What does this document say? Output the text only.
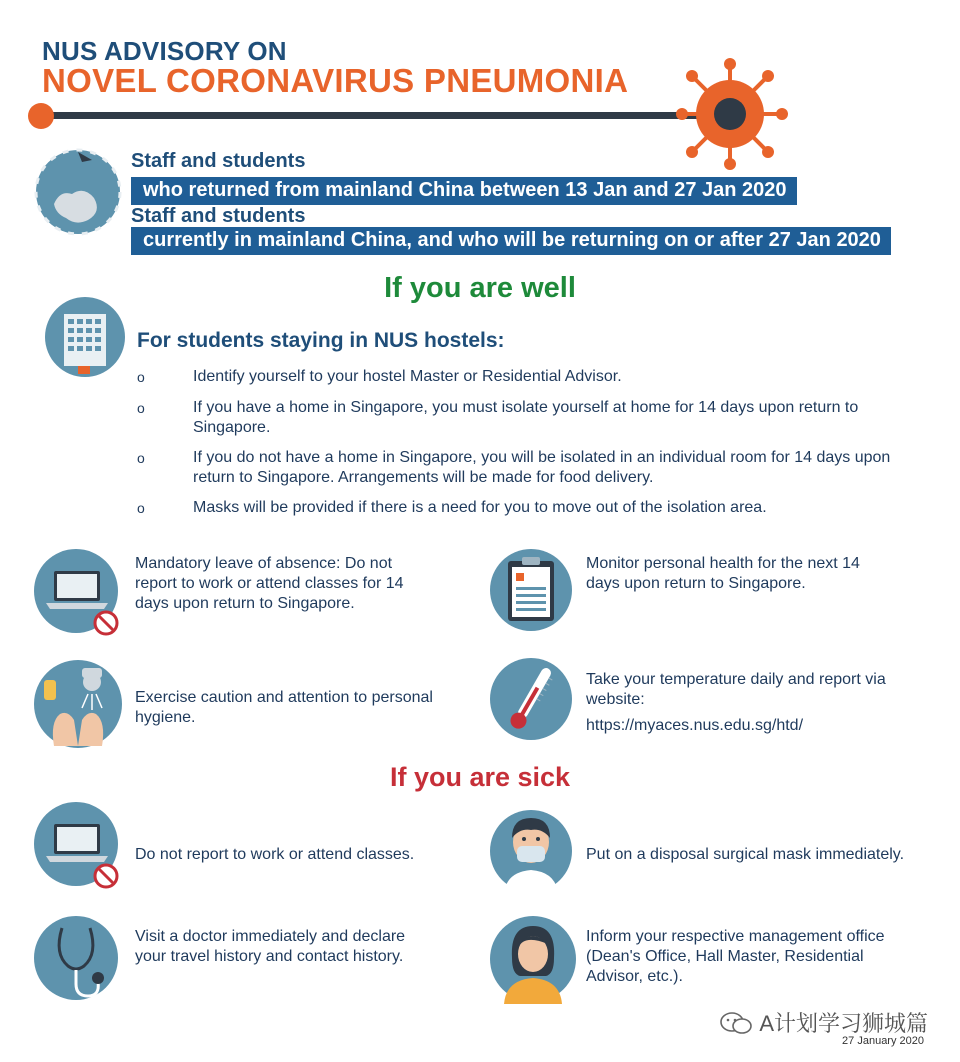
NUS ADVISORY ON
NOVEL CORONAVIRUS PNEUMONIA
Staff and students
who returned from mainland China between 13 Jan and 27 Jan 2020
Staff and students
currently in mainland China, and who will be returning on or after 27 Jan 2020
If you are well
For students staying in NUS hostels:
o	Identify yourself to your hostel Master or Residential Advisor.
o	If you have a home in Singapore, you must isolate yourself at home for 14 days upon return to Singapore.
o	If you do not have a home in Singapore, you will be isolated in an individual room for 14 days upon return to Singapore. Arrangements will be made for food delivery.
o	Masks will be provided if there is a need for you to move out of the isolation area.
Mandatory leave of absence: Do not report to work or attend classes for 14 days upon return to Singapore.
Monitor personal health for the next 14 days upon return to Singapore.
Exercise caution and attention to personal hygiene.
Take your temperature daily and report via website:
https://myaces.nus.edu.sg/htd/
If you are sick
Do not report to work or attend classes.	Put on a disposal surgical mask immediately.
Visit a doctor immediately and declare your travel history and contact history.
Inform your respective management office (Dean's Office, Hall Master, Residential Advisor, etc.).
A计划学习狮城篇
27 January 2020
